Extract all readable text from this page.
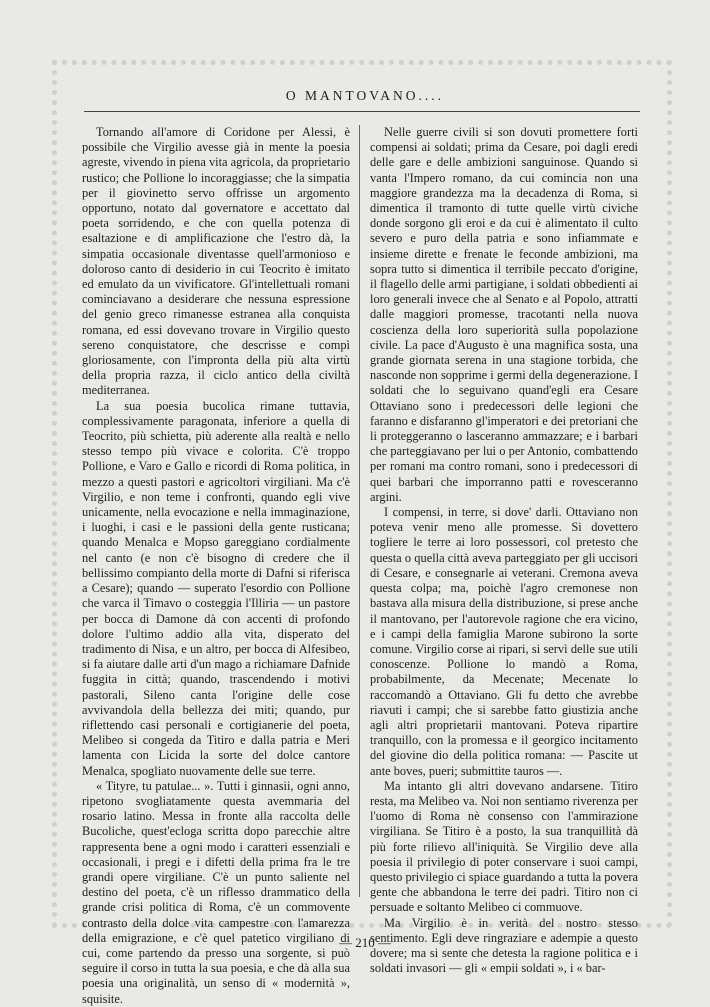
O MANTOVANO....

Tornando all'amore di Coridone per Alessi, è possibile che Virgilio avesse già in mente la poesia agreste, vivendo in piena vita agricola, da proprietario rustico; che Pollione lo incoraggiasse; che la simpatia per il giovinetto servo offrisse un argomento opportuno, notato dal governatore e accettato dal poeta sorridendo, e che con quella potenza di esaltazione e di amplificazione che l'estro dà, la simpatia occasionale diventasse quell'armonioso e doloroso canto di desiderio in cui Teocrito è imitato ed emulato da un vivificatore. Gl'intellettuali romani cominciavano a desiderare che nessuna espressione del genio greco rimanesse estranea alla conquista romana, ed essi dovevano trovare in Virgilio questo sereno conquistatore, che descrisse e compì gloriosamente, con l'impronta della più alta virtù della propria razza, il ciclo antico della civiltà mediterranea.

La sua poesia bucolica rimane tuttavia, complessivamente paragonata, inferiore a quella di Teocrito, più schietta, più aderente alla realtà e nello stesso tempo più vivace e colorita. C'è troppo Pollione, e Varo e Gallo e ricordi di Roma politica, in mezzo a questi pastori e agricoltori virgiliani. Ma c'è Virgilio, e non teme i confronti, quando egli vive unicamente, nella evocazione e nella immaginazione, i luoghi, i casi e le passioni della gente rusticana; quando Menalca e Mopso gareggiano cordialmente nel canto (e non c'è bisogno di credere che il bellissimo compianto della morte di Dafni si riferisca a Cesare); quando — superato l'esordio con Pollione che varca il Timavo o costeggia l'Illiria — un pastore per bocca di Damone dà con accenti di profondo dolore l'ultimo addio alla vita, disperato del tradimento di Nisa, e un altro, per bocca di Alfesibeo, si fa aiutare dalle arti d'un mago a richiamare Dafnide fuggita in città; quando, trascendendo i motivi pastorali, Sileno canta l'origine delle cose avvivandola della bellezza dei miti; quando, pur riflettendo casi personali e cortigianerie del poeta, Melibeo si congeda da Titiro e dalla patria e Meri lamenta con Licida la sorte del dolce cantore Menalca, spogliato nuovamente delle sue terre.

« Tityre, tu patulae... ». Tutti i ginnasii, ogni anno, ripetono svogliatamente questa avemmaria del rosario latino. Messa in fronte alla raccolta delle Bucoliche, quest'ecloga scritta dopo parecchie altre rappresenta bene a ogni modo i caratteri essenziali e occasionali, i pregi e i difetti della prima fra le tre grandi opere virgiliane. C'è un punto saliente nel destino del poeta, c'è un riflesso drammatico della grande crisi politica di Roma, c'è un commovente contrasto della dolce vita campestre con l'amarezza della emigrazione, e c'è quel patetico virgiliano di cui, come partendo da presso una sorgente, si può seguire il corso in tutta la sua poesia, e che dà alla sua poesia una originalità, un senso di « modernità », squisite.

Nelle guerre civili si son dovuti promettere forti compensi ai soldati; prima da Cesare, poi dagli eredi delle gare e delle ambizioni sanguinose. Quando si vanta l'Impero romano, da cui comincia non una maggiore grandezza ma la decadenza di Roma, si dimentica il tramonto di tutte quelle virtù civiche donde sorgono gli eroi e da cui è alimentato il culto severo e puro della patria e sono infiammate e insieme dirette e frenate le feconde ambizioni, ma sopra tutto si dimentica il terribile peccato d'origine, il flagello delle armi partigiane, i soldati obbedienti ai loro generali invece che al Senato e al Popolo, attratti dalle maggiori promesse, tracotanti nella nuova coscienza della loro superiorità sulla popolazione civile. La pace d'Augusto è una magnifica sosta, una grande giornata serena in una stagione torbida, che nasconde non sopprime i germi della degenerazione. I soldati che lo seguivano quand'egli era Cesare Ottaviano sono i predecessori delle legioni che faranno e disfaranno gl'imperatori e dei pretoriani che li proteggeranno o lasceranno ammazzare; e i barbari che parteggiavano per lui o per Antonio, combattendo per romani ma contro romani, sono i predecessori di quei barbari che imporranno patti e rovesceranno argini.

I compensi, in terre, si dove' darli. Ottaviano non poteva venir meno alle promesse. Si dovettero togliere le terre ai loro possessori, col pretesto che questa o quella città aveva parteggiato per gli uccisori di Cesare, e consegnarle ai veterani. Cremona aveva questa colpa; ma, poichè l'agro cremonese non bastava alla misura della distribuzione, si prese anche il mantovano, per l'autorevole ragione che era vicino, e i campi della famiglia Marone subirono la sorte comune. Virgilio corse ai ripari, si servì delle sue utili conoscenze. Pollione lo mandò a Roma, probabilmente, da Mecenate; Mecenate lo raccomandò a Ottaviano. Gli fu detto che avrebbe riavuti i campi; che si sarebbe fatto giustizia anche agli altri proprietarii mantovani. Poteva ripartire tranquillo, con la promessa e il georgico incitamento del giovine dio della politica romana: — Pascite ut ante boves, pueri; submittite tauros —.

Ma intanto gli altri dovevano andarsene. Titiro resta, ma Melibeo va. Noi non sentiamo riverenza per l'uomo di Roma nè consenso con l'ammirazione virgiliana. Se Titiro è a posto, la sua tranquillità dà più forte rilievo all'iniquità. Se Virgilio deve alla poesia il privilegio di poter conservare i suoi campi, questo privilegio ci spiace guardando a tutta la povera gente che abbandona le terre dei padri. Titiro non ci persuade e soltanto Melibeo ci commuove.

Ma Virgilio è in verità del nostro stesso sentimento. Egli deve ringraziare e adempie a questo dovere; ma si sente che detesta la ragione politica e i soldati invasori — gli « empii soldati », i « bar-

— 210 —
